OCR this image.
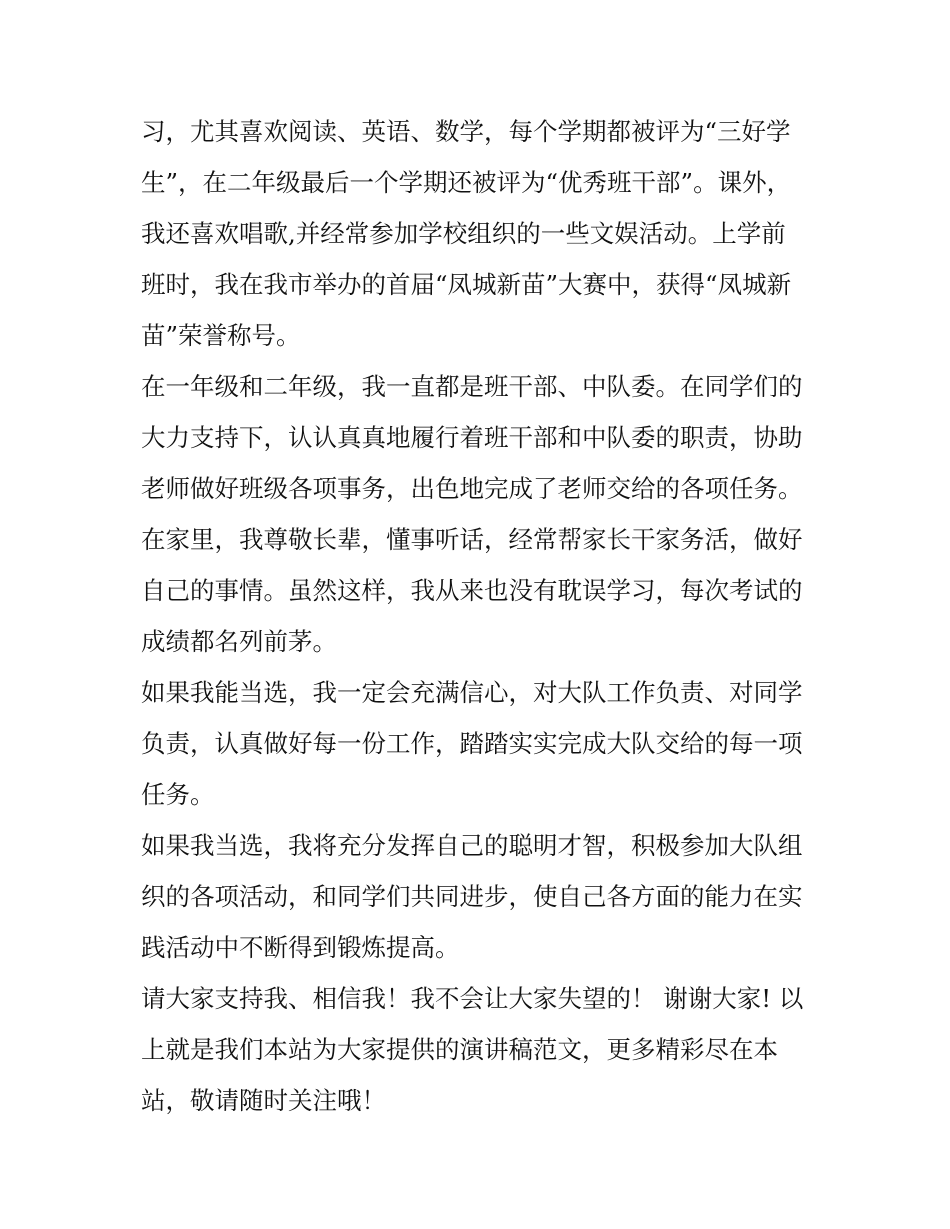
习，尤其喜欢阅读、英语、数学，每个学期都被评为“三好学
生”，在二年级最后一个学期还被评为“优秀班干部”。课外，
我还喜欢唱歌,并经常参加学校组织的一些文娱活动。上学前
班时，我在我市举办的首届“凤城新苗”大赛中，获得“凤城新
苗”荣誉称号。
在一年级和二年级，我一直都是班干部、中队委。在同学们的
大力支持下，认认真真地履行着班干部和中队委的职责，协助
老师做好班级各项事务，出色地完成了老师交给的各项任务。
在家里，我尊敬长辈，懂事听话，经常帮家长干家务活，做好
自己的事情。虽然这样，我从来也没有耽误学习，每次考试的
成绩都名列前茅。
如果我能当选，我一定会充满信心，对大队工作负责、对同学
负责，认真做好每一份工作，踏踏实实完成大队交给的每一项
任务。
如果我当选，我将充分发挥自己的聪明才智，积极参加大队组
织的各项活动，和同学们共同进步，使自己各方面的能力在实
践活动中不断得到锻炼提高。
请大家支持我、相信我！我不会让大家失望的！ 谢谢大家! 以
上就是我们本站为大家提供的演讲稿范文，更多精彩尽在本
站，敬请随时关注哦！
